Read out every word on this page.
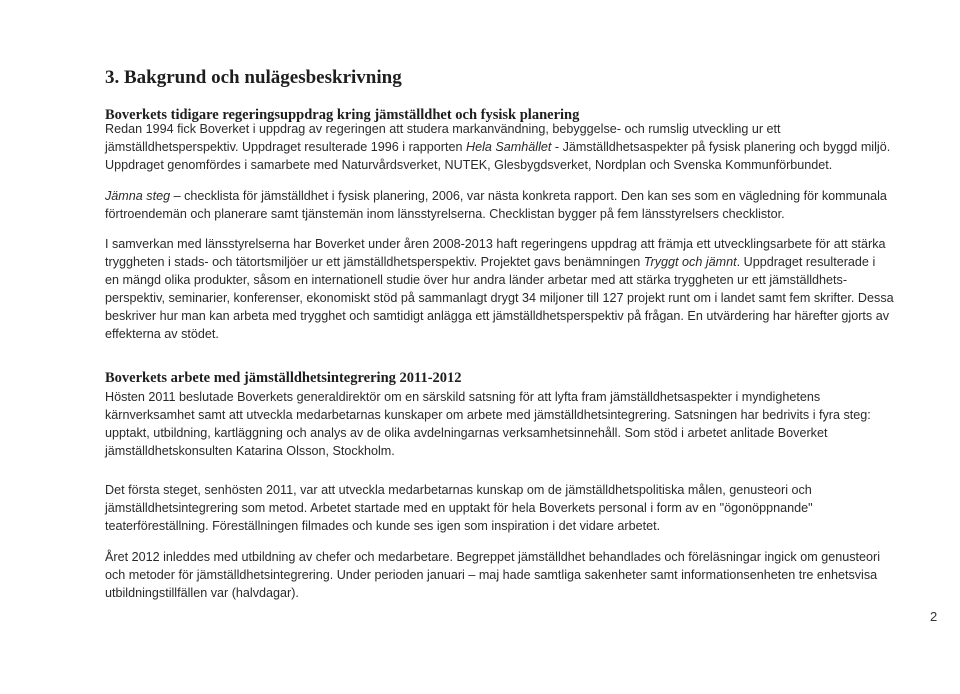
3. Bakgrund och nulägesbeskrivning
Boverkets tidigare regeringsuppdrag kring jämställdhet och fysisk planering

Redan 1994 fick Boverket i uppdrag av regeringen att studera markanvändning, bebyggelse- och rumslig utveckling ur ett
jämställdhetsperspektiv. Uppdraget resulterade 1996 i rapporten Hela Samhället - Jämställdhetsaspekter på fysisk planering och byggd miljö.
Uppdraget genomfördes i samarbete med Naturvårdsverket, NUTEK, Glesbygdsverket, Nordplan och Svenska Kommunförbundet.

Jämna steg – checklista för jämställdhet i fysisk planering, 2006, var nästa konkreta rapport. Den kan ses som en vägledning för kommunala
förtroendemän och planerare samt tjänstemän inom länsstyrelserna. Checklistan bygger på fem länsstyrelsers checklistor.

I samverkan med länsstyrelserna har Boverket under åren 2008-2013 haft regeringens uppdrag att främja ett utvecklingsarbete för att stärka
tryggheten i stads- och tätortsmiljöer ur ett jämställdhetsperspektiv. Projektet gavs benämningen Tryggt och jämnt. Uppdraget resulterade i
en mängd olika produkter, såsom en internationell studie över hur andra länder arbetar med att stärka tryggheten ur ett jämställdhets-
perspektiv, seminarier, konferenser, ekonomiskt stöd på sammanlagt drygt 34 miljoner till 127 projekt runt om i landet samt fem skrifter. Dessa
beskriver hur man kan arbeta med trygghet och samtidigt anlägga ett jämställdhetsperspektiv på frågan. En utvärdering har härefter gjorts av
effekterna av stödet.

Boverkets arbete med jämställdhetsintegrering 2011-2012

Hösten 2011 beslutade Boverkets generaldirektör om en särskild satsning för att lyfta fram jämställdhetsaspekter i myndighetens
kärnverksamhet samt att utveckla medarbetarnas kunskaper om arbete med jämställdhetsintegrering. Satsningen har bedrivits i fyra steg:
upptakt, utbildning, kartläggning och analys av de olika avdelningarnas verksamhetsinnehåll. Som stöd i arbetet anlitade Boverket
jämställdhetskonsulten Katarina Olsson, Stockholm.

Det första steget, senhösten 2011, var att utveckla medarbetarnas kunskap om de jämställdhetspolitiska målen, genusteori och
jämställdhetsintegrering som metod. Arbetet startade med en upptakt för hela Boverkets personal i form av en "ögonöppnande"
teaterföreställning. Föreställningen filmades och kunde ses igen som inspiration i det vidare arbetet.

Året 2012 inleddes med utbildning av chefer och medarbetare. Begreppet jämställdhet behandlades och föreläsningar ingick om genusteori
och metoder för jämställdhetsintegrering. Under perioden januari – maj hade samtliga sakenheter samt informationsenheten tre enhetsvisa
utbildningstillfällen var (halvdagar).

2
